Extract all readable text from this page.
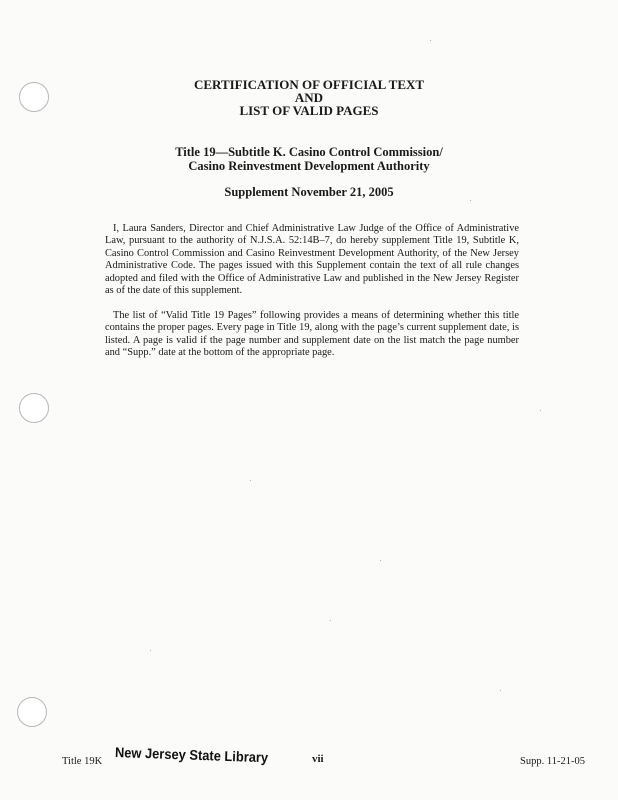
CERTIFICATION OF OFFICIAL TEXT
AND
LIST OF VALID PAGES
Title 19—Subtitle K. Casino Control Commission/
Casino Reinvestment Development Authority
Supplement November 21, 2005

I, Laura Sanders, Director and Chief Administrative Law Judge of the Office of Administrative Law, pursuant to the authority of N.J.S.A. 52:14B–7, do hereby supplement Title 19, Subtitle K, Casino Control Commission and Casino Reinvestment Development Authority, of the New Jersey Administrative Code. The pages issued with this Supplement contain the text of all rule changes adopted and filed with the Office of Administrative Law and published in the New Jersey Register as of the date of this supplement.

The list of “Valid Title 19 Pages” following provides a means of determining whether this title contains the proper pages. Every page in Title 19, along with the page’s current supplement date, is listed. A page is valid if the page number and supplement date on the list match the page number and “Supp.” date at the bottom of the appropriate page.

Title 19K New Jersey State Library	vii	Supp. 11-21-05
